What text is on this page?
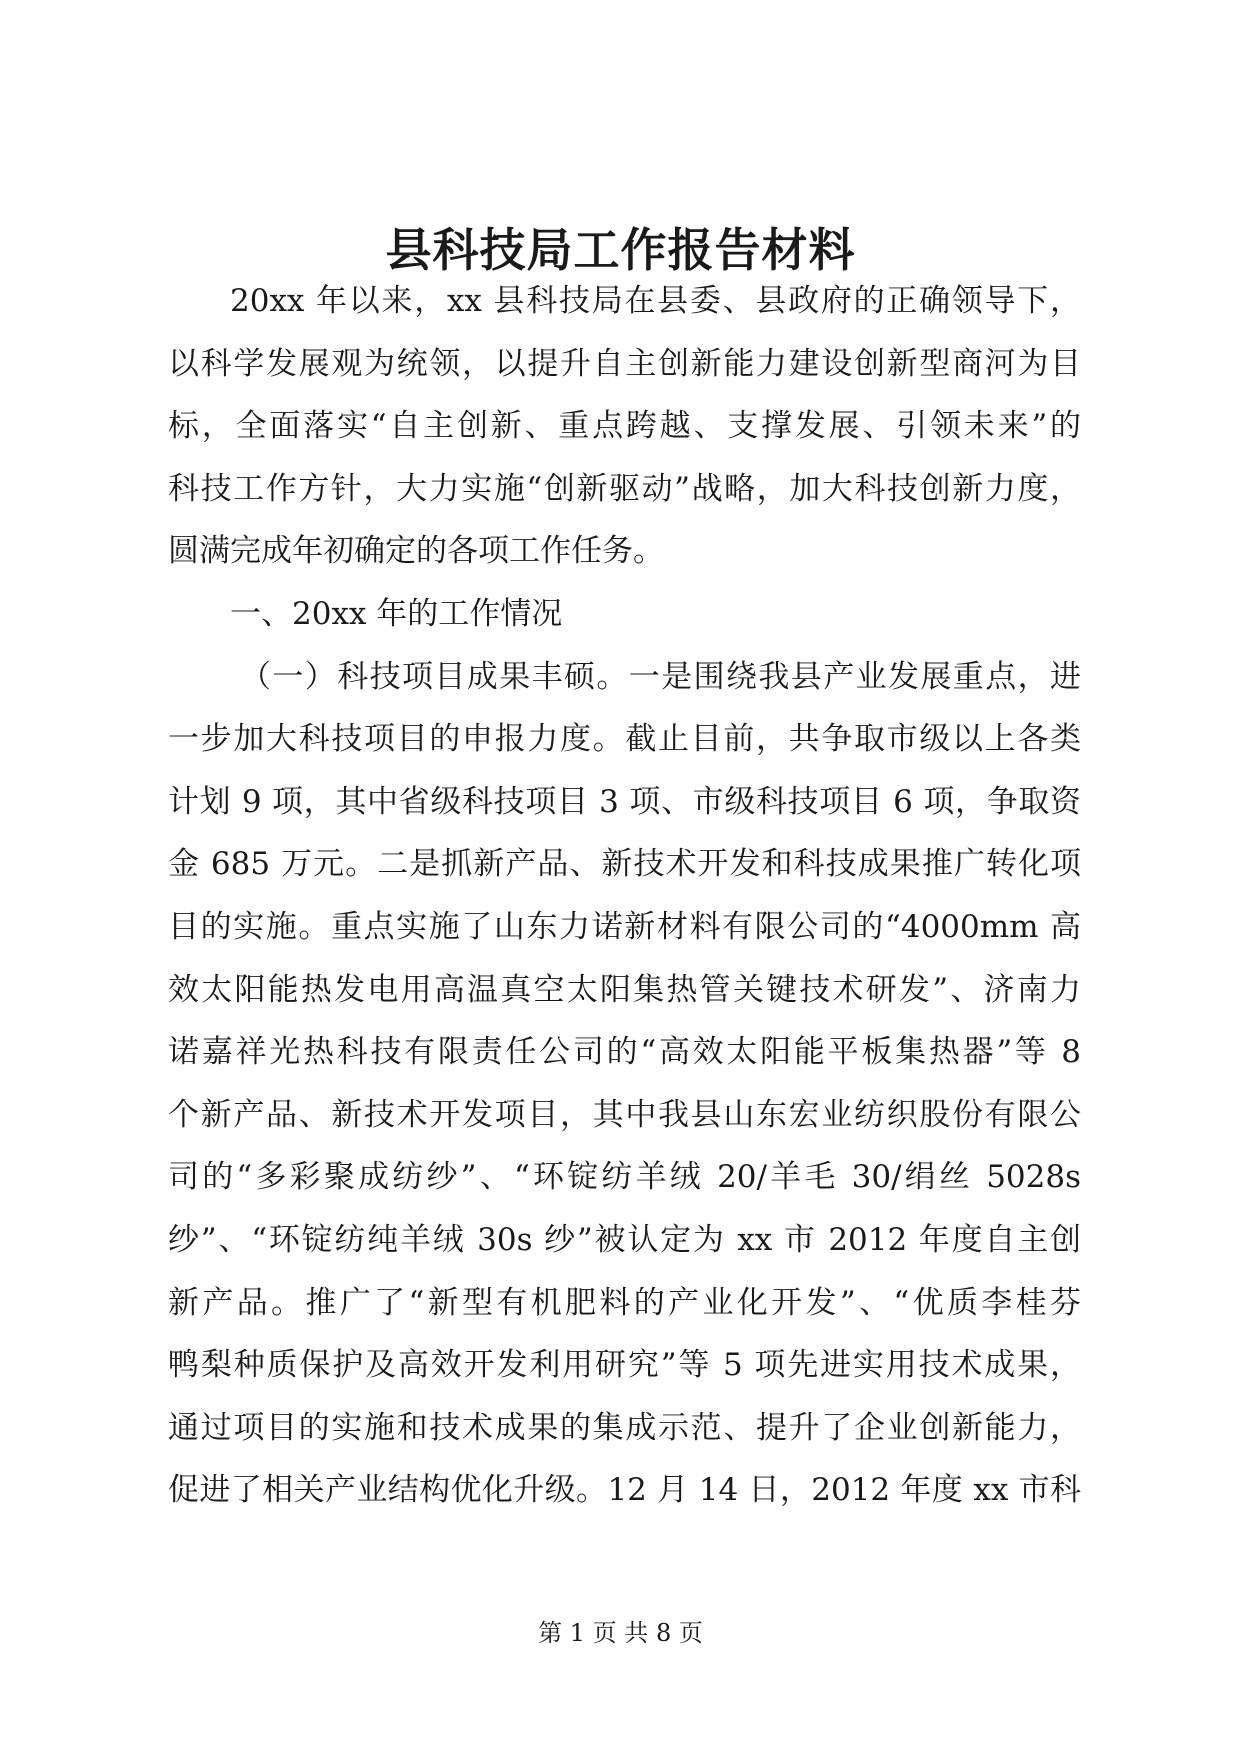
县科技局工作报告材料
20xx 年以来，xx 县科技局在县委、县政府的正确领导下，
以科学发展观为统领，以提升自主创新能力建设创新型商河为目
标，全面落实“自主创新、重点跨越、支撑发展、引领未来”的
科技工作方针，大力实施“创新驱动”战略，加大科技创新力度，
圆满完成年初确定的各项工作任务。
一、20xx 年的工作情况
（一）科技项目成果丰硕。一是围绕我县产业发展重点，进
一步加大科技项目的申报力度。截止目前，共争取市级以上各类
计划 9 项，其中省级科技项目 3 项、市级科技项目 6 项，争取资
金 685 万元。二是抓新产品、新技术开发和科技成果推广转化项
目的实施。重点实施了山东力诺新材料有限公司的“4000mm 高
效太阳能热发电用高温真空太阳集热管关键技术研发”、济南力
诺嘉祥光热科技有限责任公司的“高效太阳能平板集热器”等 8
个新产品、新技术开发项目，其中我县山东宏业纺织股份有限公
司的“多彩聚成纺纱”、“环锭纺羊绒 20/羊毛 30/绢丝 5028s
纱”、“环锭纺纯羊绒 30s 纱”被认定为 xx 市 2012 年度自主创
新产品。推广了“新型有机肥料的产业化开发”、“优质李桂芬
鸭梨种质保护及高效开发利用研究”等 5 项先进实用技术成果，
通过项目的实施和技术成果的集成示范、提升了企业创新能力，
促进了相关产业结构优化升级。12 月 14 日，2012 年度 xx 市科
第 1 页 共 8 页
